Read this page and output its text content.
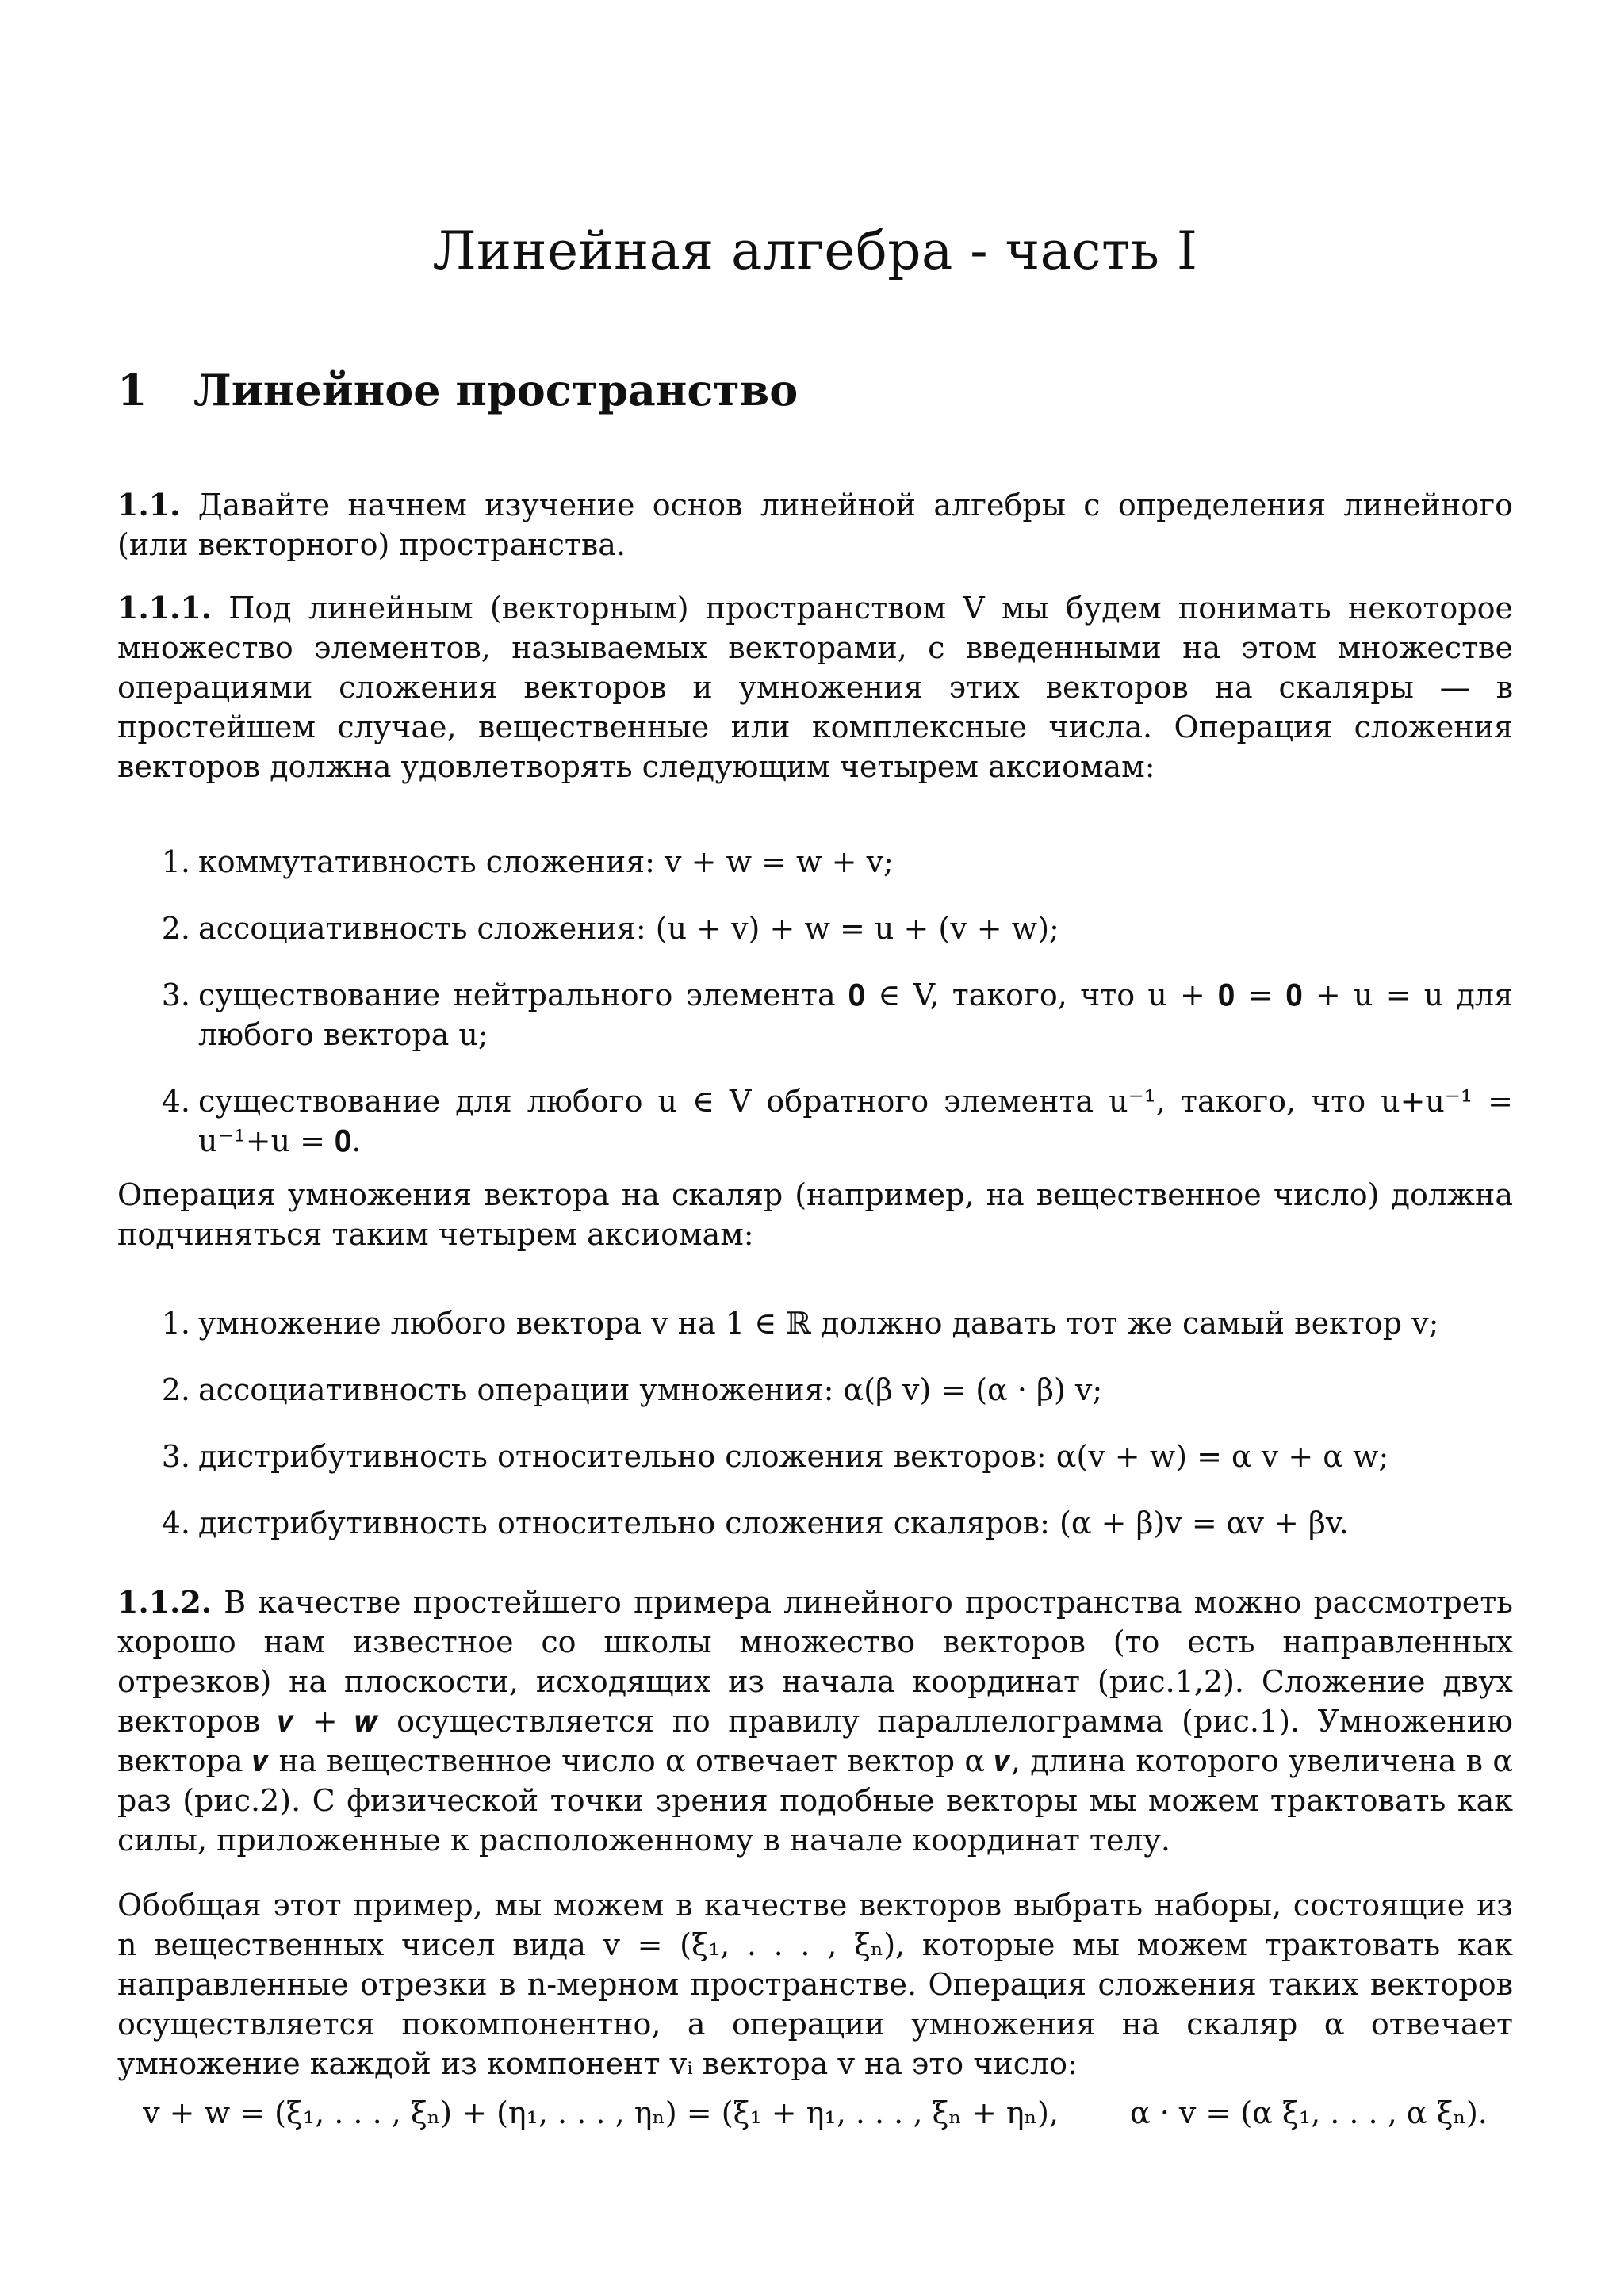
Линейная алгебра - часть I
1 Линейное пространство

1.1. Давайте начнем изучение основ линейной алгебры с определения линейного (или векторного) пространства.

1.1.1. Под линейным (векторным) пространством V мы будем понимать некоторое множество элементов, называемых векторами, с введенными на этом множестве операциями сложения векторов и умножения этих векторов на скаляры — в простейшем случае, вещественные или комплексные числа. Операция сложения векторов должна удовлетворять следующим четырем аксиомам:

1. коммутативность сложения: v + w = w + v;
2. ассоциативность сложения: (u + v) + w = u + (v + w);
3. существование нейтрального элемента 𝟎 ∈ V, такого, что u + 𝟎 = 𝟎 + u = u для любого вектора u;
4. существование для любого u ∈ V обратного элемента u⁻¹, такого, что u+u⁻¹ = u⁻¹+u = 𝟎.

Операция умножения вектора на скаляр (например, на вещественное число) должна подчиняться таким четырем аксиомам:

1. умножение любого вектора v на 1 ∈ ℝ должно давать тот же самый вектор v;
2. ассоциативность операции умножения: α(β v) = (α · β) v;
3. дистрибутивность относительно сложения векторов: α(v + w) = α v + α w;
4. дистрибутивность относительно сложения скаляров: (α + β)v = αv + βv.

1.1.2. В качестве простейшего примера линейного пространства можно рассмотреть хорошо нам известное со школы множество векторов (то есть направленных отрезков) на плоскости, исходящих из начала координат (рис.1,2). Сложение двух векторов 𝒗 + 𝒘 осуществляется по правилу параллелограмма (рис.1). Умножению вектора 𝒗 на вещественное число α отвечает вектор α 𝒗, длина которого увеличена в α раз (рис.2). С физической точки зрения подобные векторы мы можем трактовать как силы, приложенные к расположенному в начале координат телу.

Обобщая этот пример, мы можем в качестве векторов выбрать наборы, состоящие из n вещественных чисел вида v = (ξ₁, . . . , ξₙ), которые мы можем трактовать как направленные отрезки в n-мерном пространстве. Операция сложения таких векторов осуществляется покомпонентно, а операции умножения на скаляр α отвечает умножение каждой из компонент vᵢ вектора v на это число:

v + w = (ξ₁, . . . , ξₙ) + (η₁, . . . , ηₙ) = (ξ₁ + η₁, . . . , ξₙ + ηₙ), α · v = (α ξ₁, . . . , α ξₙ).
